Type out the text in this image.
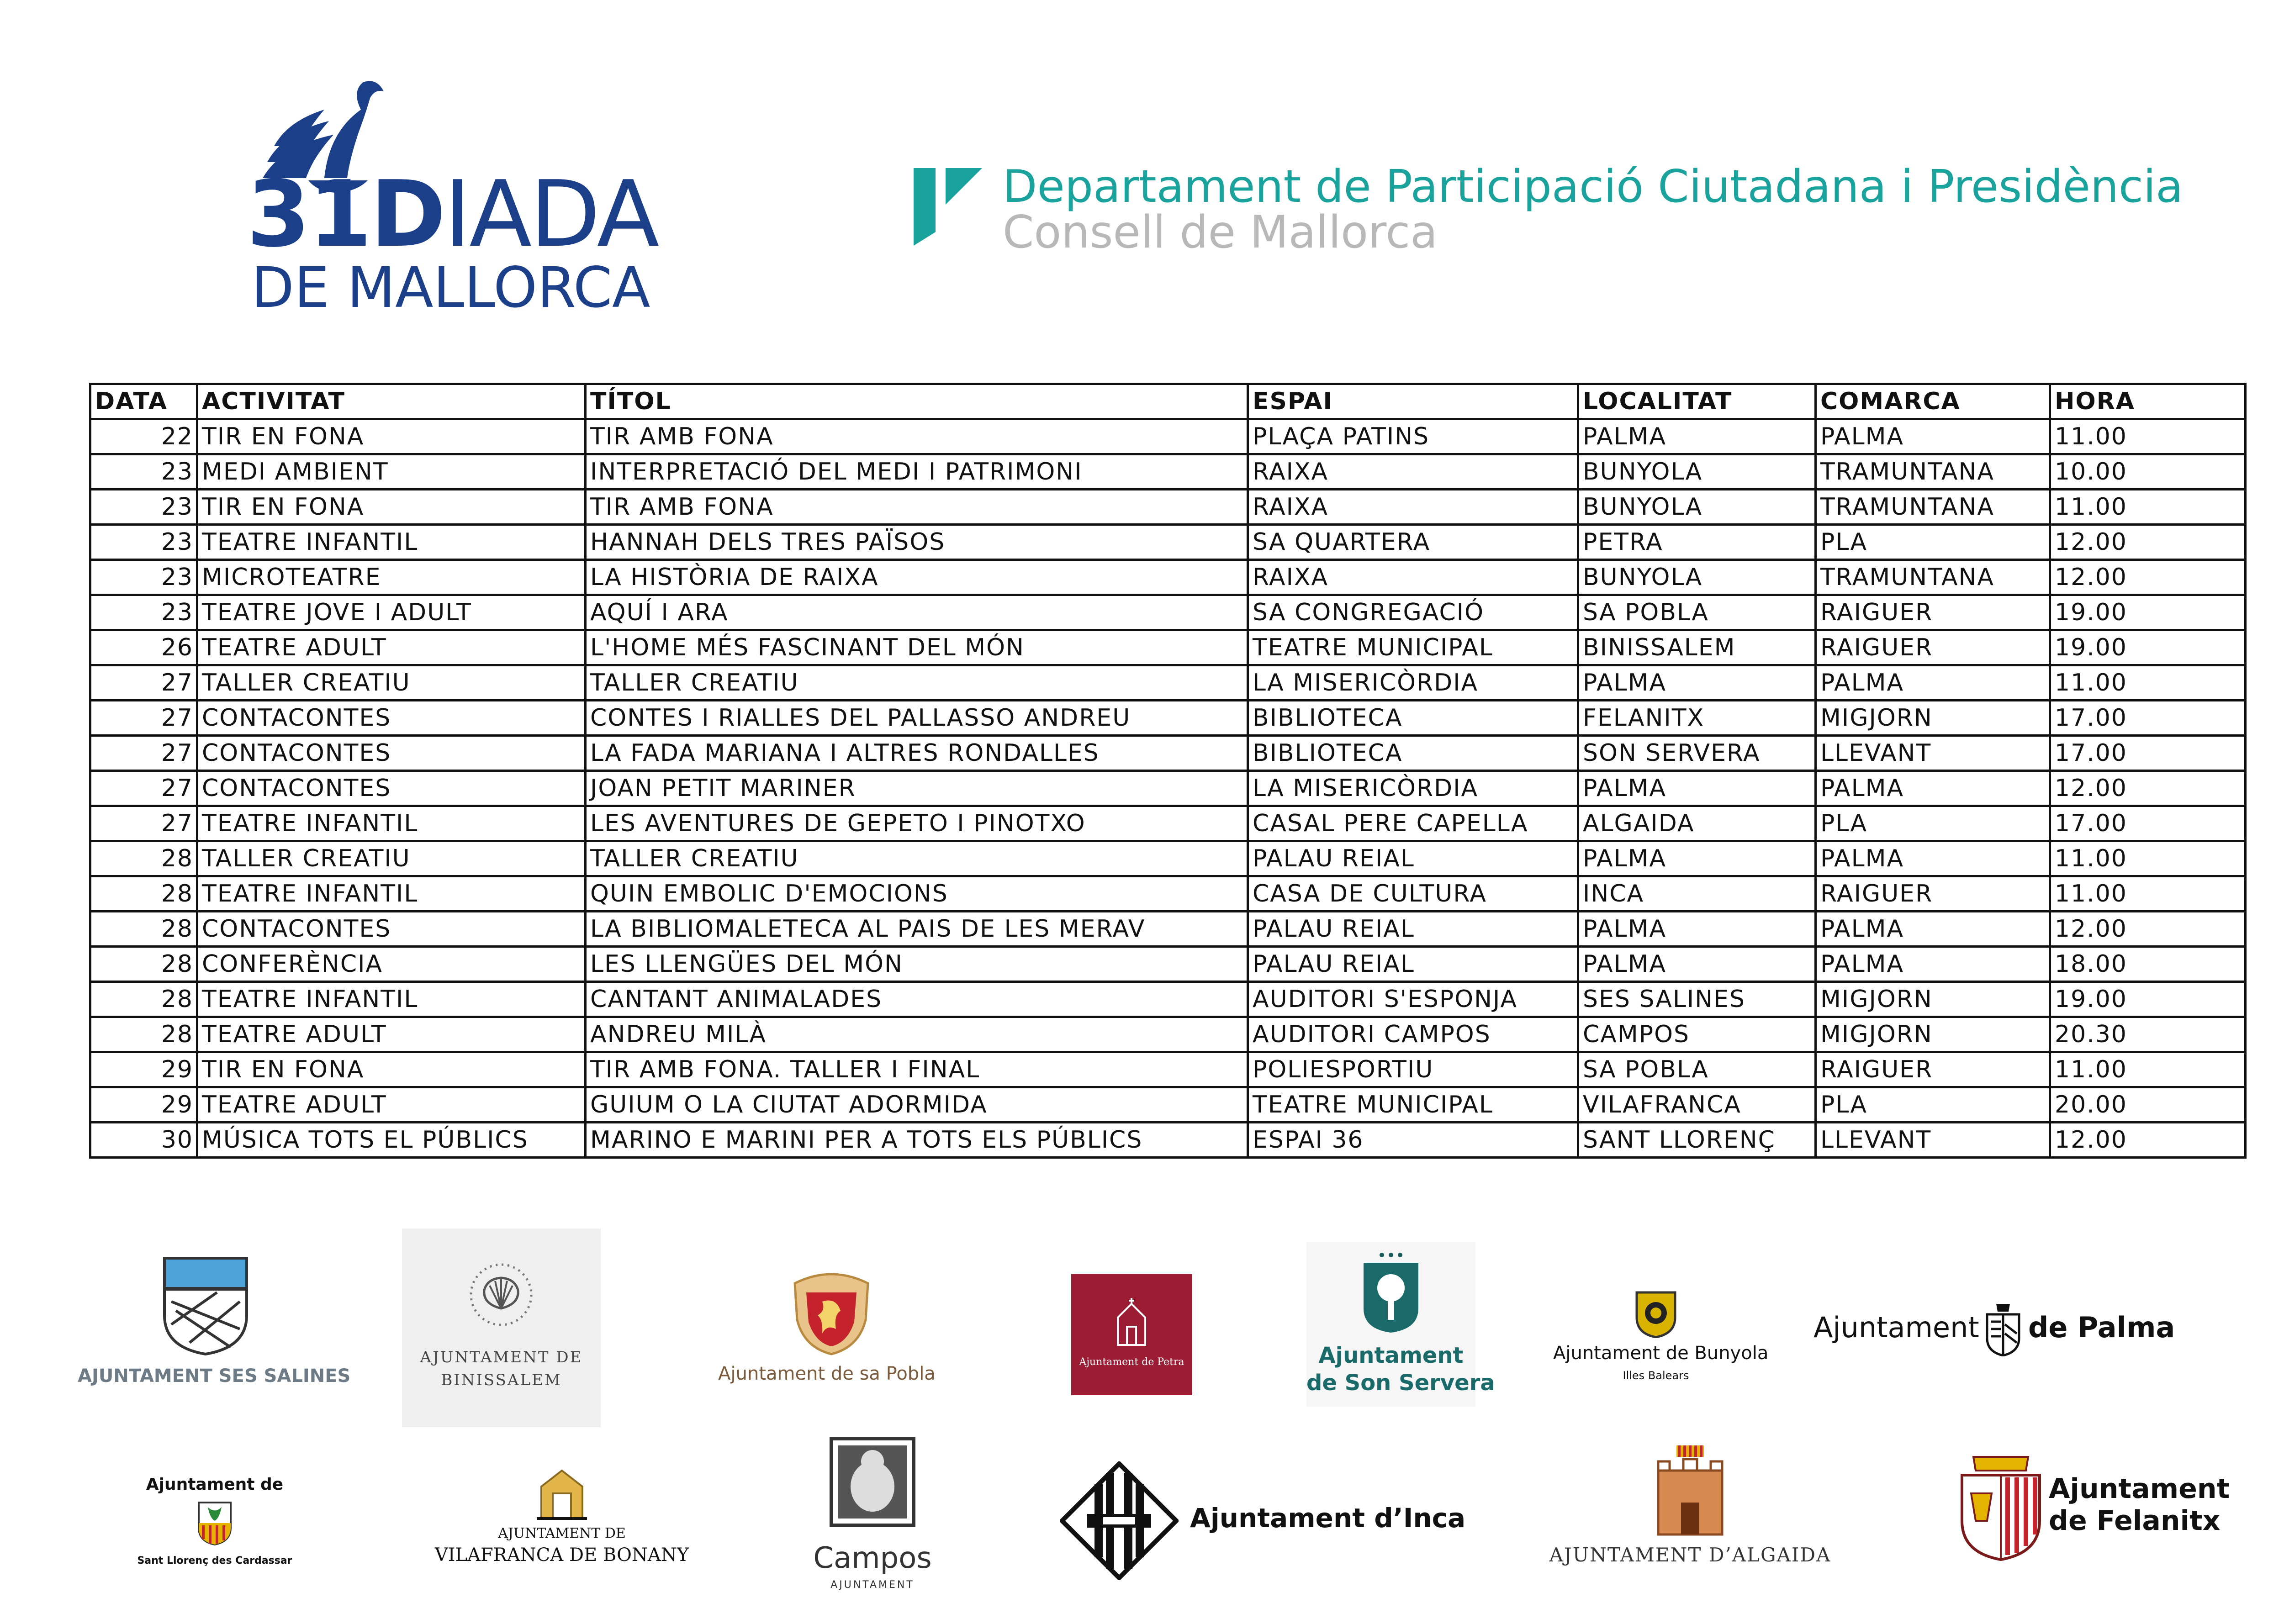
31DIADA
DE MALLORCA
Departament de Participació Ciutadana i Presidència
Consell de Mallorca
DATA	ACTIVITAT	TÍTOL	ESPAI	LOCALITAT	COMARCA	HORA
22	TIR EN FONA	TIR AMB FONA	PLAÇA PATINS	PALMA	PALMA	11.00
23	MEDI AMBIENT	INTERPRETACIÓ DEL MEDI I PATRIMONI	RAIXA	BUNYOLA	TRAMUNTANA	10.00
23	TIR EN FONA	TIR AMB FONA	RAIXA	BUNYOLA	TRAMUNTANA	11.00
23	TEATRE INFANTIL	HANNAH DELS TRES PAÏSOS	SA QUARTERA	PETRA	PLA	12.00
23	MICROTEATRE	LA HISTÒRIA DE RAIXA	RAIXA	BUNYOLA	TRAMUNTANA	12.00
23	TEATRE JOVE I ADULT	AQUÍ I ARA	SA CONGREGACIÓ	SA POBLA	RAIGUER	19.00
26	TEATRE ADULT	L'HOME MÉS FASCINANT DEL MÓN	TEATRE MUNICIPAL	BINISSALEM	RAIGUER	19.00
27	TALLER CREATIU	TALLER CREATIU	LA MISERICÒRDIA	PALMA	PALMA	11.00
27	CONTACONTES	CONTES I RIALLES DEL PALLASSO ANDREU	BIBLIOTECA	FELANITX	MIGJORN	17.00
27	CONTACONTES	LA FADA MARIANA I ALTRES RONDALLES	BIBLIOTECA	SON SERVERA	LLEVANT	17.00
27	CONTACONTES	JOAN PETIT MARINER	LA MISERICÒRDIA	PALMA	PALMA	12.00
27	TEATRE INFANTIL	LES AVENTURES DE GEPETO I PINOTXO	CASAL PERE CAPELLA	ALGAIDA	PLA	17.00
28	TALLER CREATIU	TALLER CREATIU	PALAU REIAL	PALMA	PALMA	11.00
28	TEATRE INFANTIL	QUIN EMBOLIC D'EMOCIONS	CASA DE CULTURA	INCA	RAIGUER	11.00
28	CONTACONTES	LA BIBLIOMALETECA AL PAIS DE LES MERAV	PALAU REIAL	PALMA	PALMA	12.00
28	CONFERÈNCIA	LES LLENGÜES DEL MÓN	PALAU REIAL	PALMA	PALMA	18.00
28	TEATRE INFANTIL	CANTANT ANIMALADES	AUDITORI S'ESPONJA	SES SALINES	MIGJORN	19.00
28	TEATRE ADULT	ANDREU MILÀ	AUDITORI CAMPOS	CAMPOS	MIGJORN	20.30
29	TIR EN FONA	TIR AMB FONA. TALLER I FINAL	POLIESPORTIU	SA POBLA	RAIGUER	11.00
29	TEATRE ADULT	GUIUM O LA CIUTAT ADORMIDA	TEATRE MUNICIPAL	VILAFRANCA	PLA	20.00
30	MÚSICA TOTS EL PÚBLICS	MARINO E MARINI PER A TOTS ELS PÚBLICS	ESPAI 36	SANT LLORENÇ	LLEVANT	12.00
AJUNTAMENT SES SALINES
AJUNTAMENT DE
BINISSALEM	Ajuntament de sa Pobla
Ajuntament de Petra	Ajuntament
de Son Servera
Ajuntament de Bunyola
Illes Balears
Ajuntament de Palma
Ajuntament de
Sant Llorenç des Cardassar
AJUNTAMENT DE
VILAFRANCA DE BONANY	Campos
AJUNTAMENT
Ajuntament d’Inca
AJUNTAMENT D’ALGAIDA
Ajuntament
de Felanitx
